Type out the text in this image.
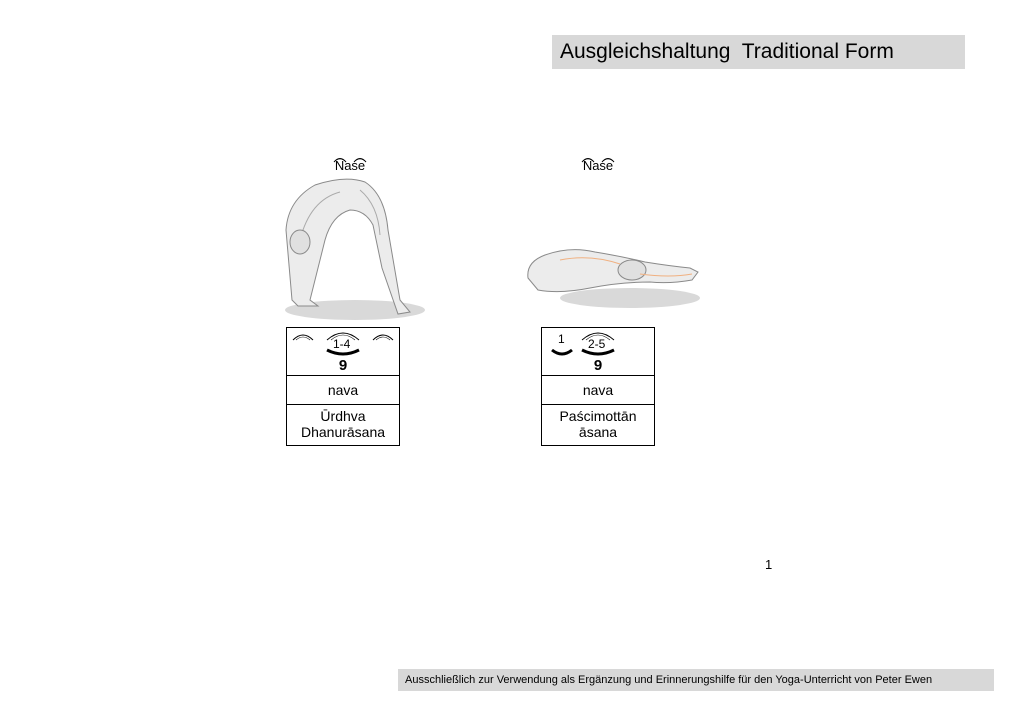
Ausgleichshaltung  Traditional Form
Nase
1-4
9
nava
Ūrdhva
Dhanurāsana
Nase
1 2-5
9
nava
Paścimottān
āsana
1
Ausschließlich zur Verwendung als Ergänzung und Erinnerungshilfe für den Yoga-Unterricht von Peter Ewen
